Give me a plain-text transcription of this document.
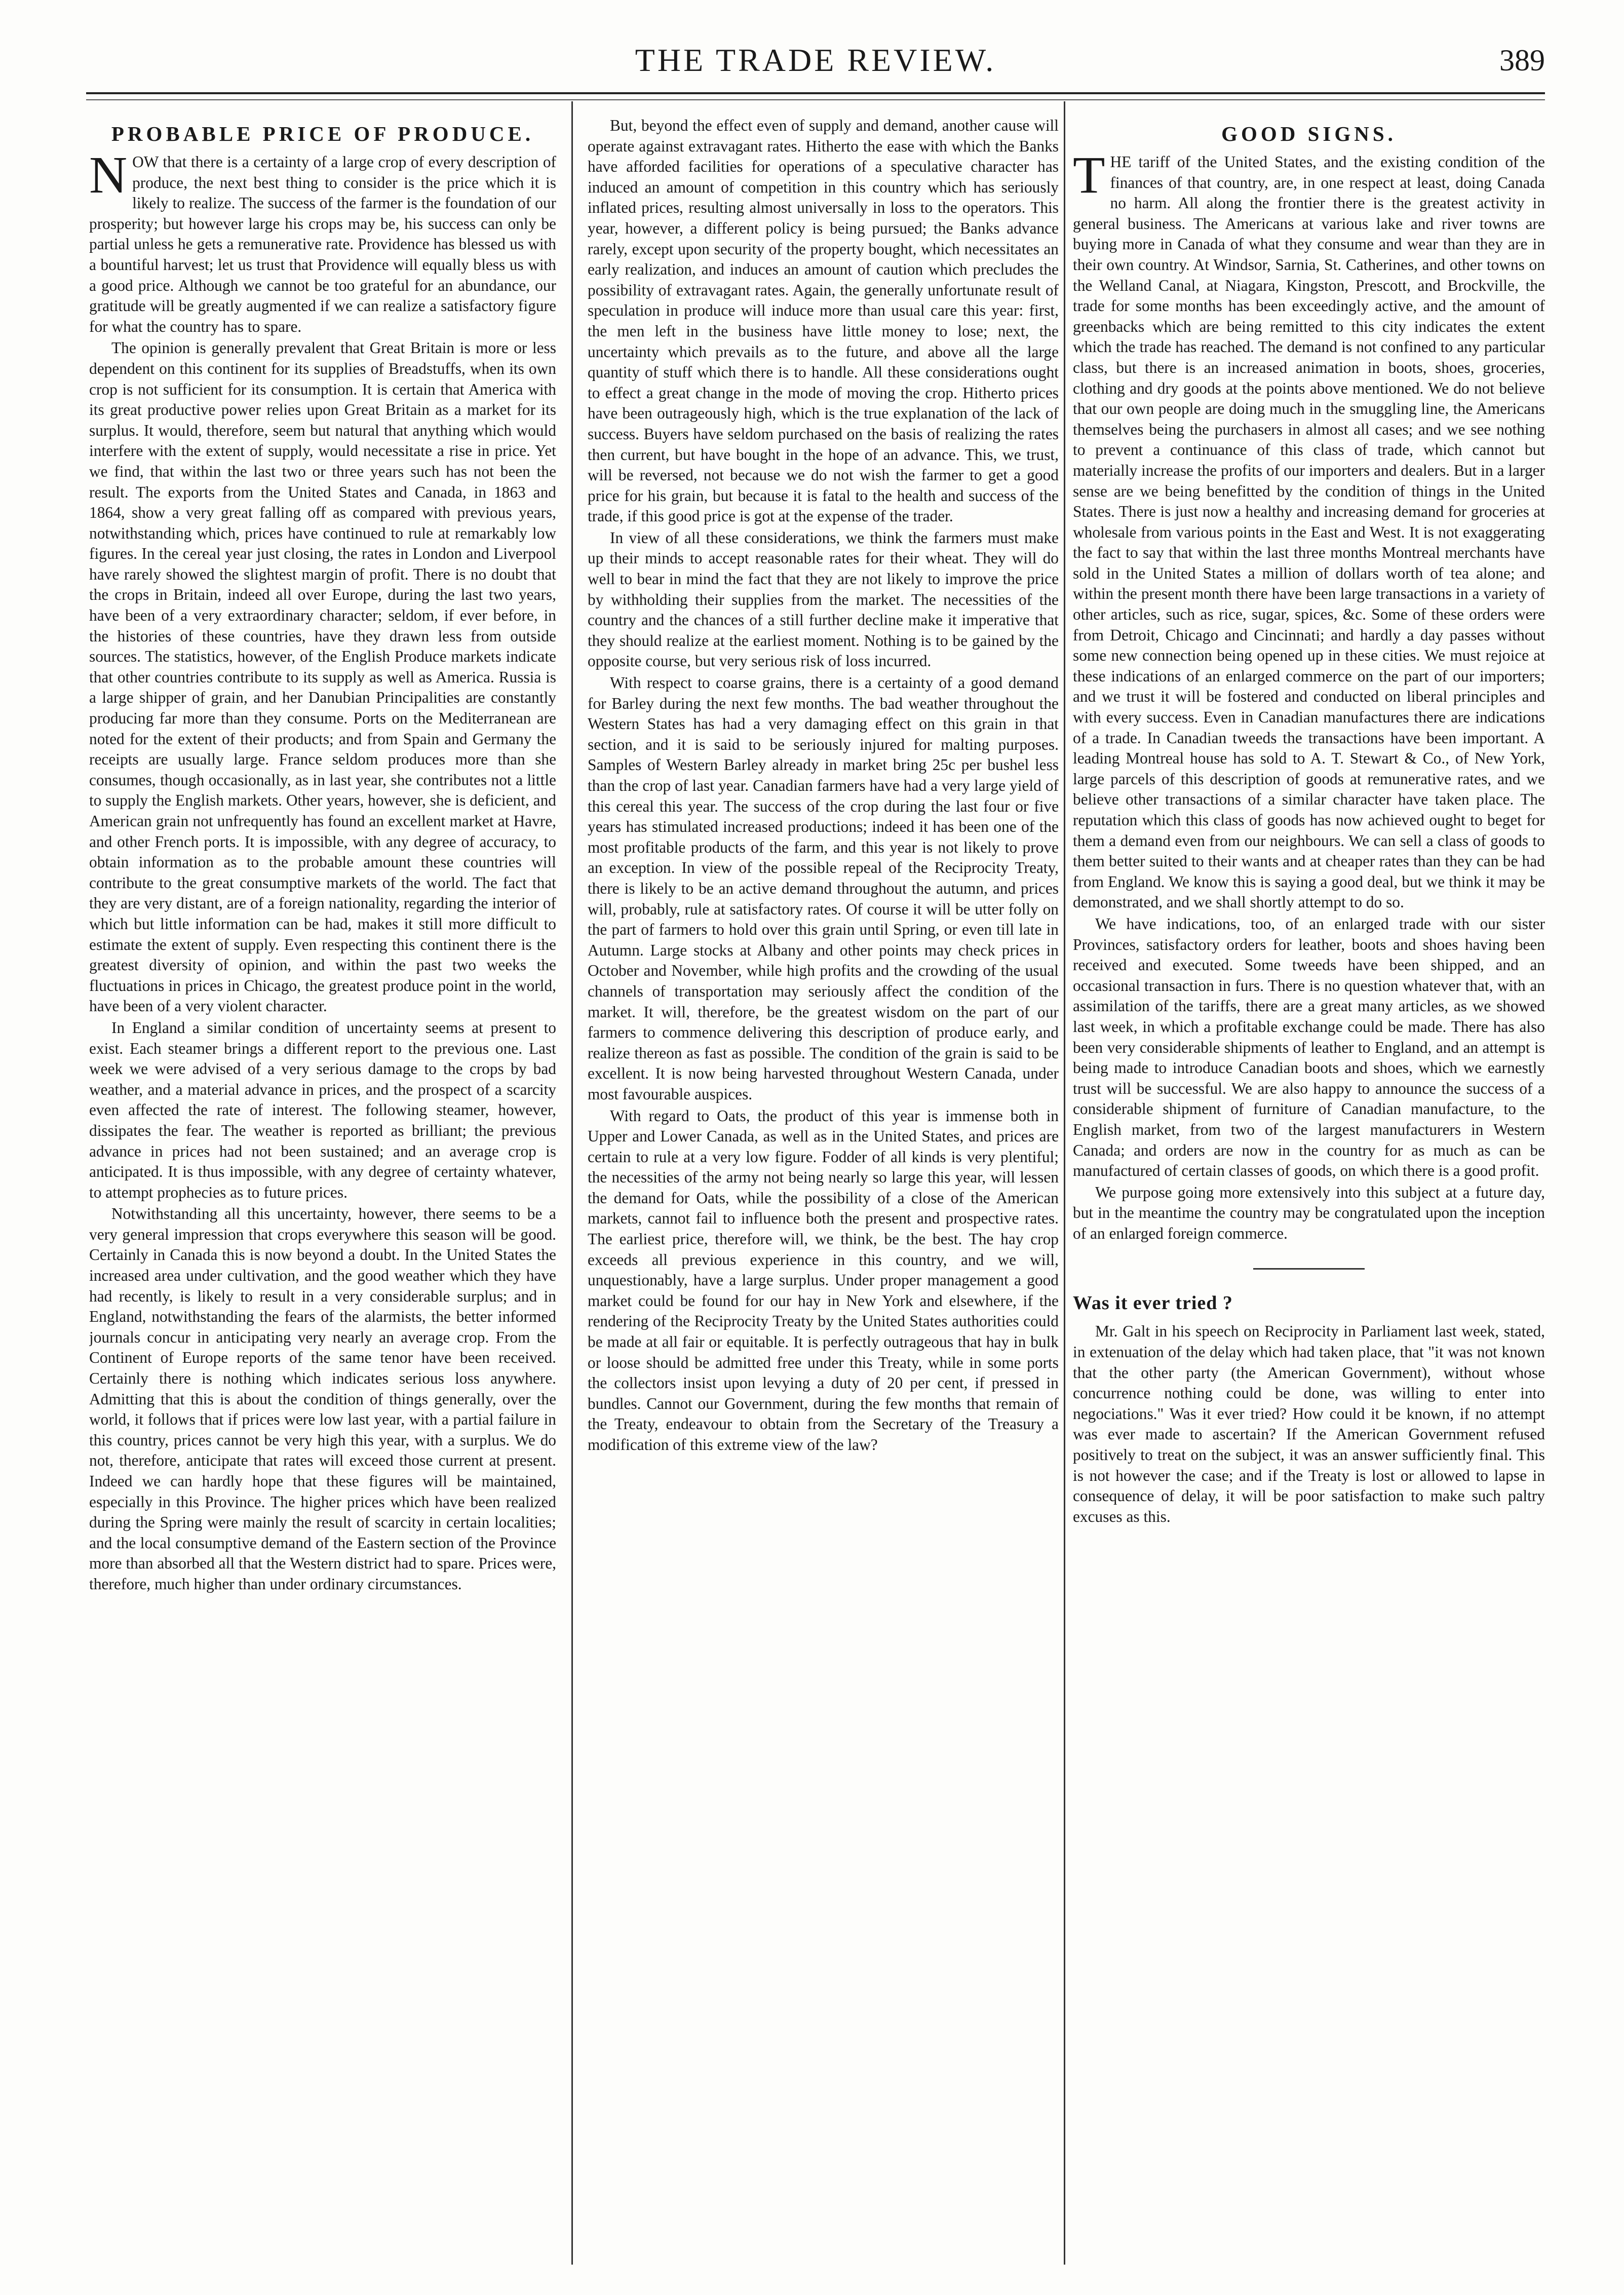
THE TRADE REVIEW.	389
PROBABLE PRICE OF PRODUCE.

NOW that there is a certainty of a large crop of every description of produce, the next best thing to consider is the price which it is likely to realize. The success of the farmer is the foundation of our prosperity; but however large his crops may be, his success can only be partial unless he gets a remunerative rate. Providence has blessed us with a bountiful harvest; let us trust that Providence will equally bless us with a good price. Although we cannot be too grateful for an abundance, our gratitude will be greatly augmented if we can realize a satisfactory figure for what the country has to spare.

The opinion is generally prevalent that Great Britain is more or less dependent on this continent for its supplies of Breadstuffs, when its own crop is not sufficient for its consumption. It is certain that America with its great productive power relies upon Great Britain as a market for its surplus. It would, therefore, seem but natural that anything which would interfere with the extent of supply, would necessitate a rise in price. Yet we find, that within the last two or three years such has not been the result. The exports from the United States and Canada, in 1863 and 1864, show a very great falling off as compared with previous years, notwithstanding which, prices have continued to rule at remarkably low figures. In the cereal year just closing, the rates in London and Liverpool have rarely showed the slightest margin of profit. There is no doubt that the crops in Britain, indeed all over Europe, during the last two years, have been of a very extraordinary character; seldom, if ever before, in the histories of these countries, have they drawn less from outside sources. The statistics, however, of the English Produce markets indicate that other countries contribute to its supply as well as America. Russia is a large shipper of grain, and her Danubian Principalities are constantly producing far more than they consume. Ports on the Mediterranean are noted for the extent of their products; and from Spain and Germany the receipts are usually large. France seldom produces more than she consumes, though occasionally, as in last year, she contributes not a little to supply the English markets. Other years, however, she is deficient, and American grain not unfrequently has found an excellent market at Havre, and other French ports. It is impossible, with any degree of accuracy, to obtain information as to the probable amount these countries will contribute to the great consumptive markets of the world. The fact that they are very distant, are of a foreign nationality, regarding the interior of which but little information can be had, makes it still more difficult to estimate the extent of supply. Even respecting this continent there is the greatest diversity of opinion, and within the past two weeks the fluctuations in prices in Chicago, the greatest produce point in the world, have been of a very violent character.

In England a similar condition of uncertainty seems at present to exist. Each steamer brings a different report to the previous one. Last week we were advised of a very serious damage to the crops by bad weather, and a material advance in prices, and the prospect of a scarcity even affected the rate of interest. The following steamer, however, dissipates the fear. The weather is reported as brilliant; the previous advance in prices had not been sustained; and an average crop is anticipated. It is thus impossible, with any degree of certainty whatever, to attempt prophecies as to future prices.

Notwithstanding all this uncertainty, however, there seems to be a very general impression that crops everywhere this season will be good. Certainly in Canada this is now beyond a doubt. In the United States the increased area under cultivation, and the good weather which they have had recently, is likely to result in a very considerable surplus; and in England, notwithstanding the fears of the alarmists, the better informed journals concur in anticipating very nearly an average crop. From the Continent of Europe reports of the same tenor have been received. Certainly there is nothing which indicates serious loss anywhere. Admitting that this is about the condition of things generally, over the world, it follows that if prices were low last year, with a partial failure in this country, prices cannot be very high this year, with a surplus. We do not, therefore, anticipate that rates will exceed those current at present. Indeed we can hardly hope that these figures will be maintained, especially in this Province. The higher prices which have been realized during the Spring were mainly the result of scarcity in certain localities; and the local consumptive demand of the Eastern section of the Province more than absorbed all that the Western district had to spare. Prices were, therefore, much higher than under ordinary circumstances.

But, beyond the effect even of supply and demand, another cause will operate against extravagant rates. Hitherto the ease with which the Banks have afforded facilities for operations of a speculative character has induced an amount of competition in this country which has seriously inflated prices, resulting almost universally in loss to the operators. This year, however, a different policy is being pursued; the Banks advance rarely, except upon security of the property bought, which necessitates an early realization, and induces an amount of caution which precludes the possibility of extravagant rates. Again, the generally unfortunate result of speculation in produce will induce more than usual care this year: first, the men left in the business have little money to lose; next, the uncertainty which prevails as to the future, and above all the large quantity of stuff which there is to handle. All these considerations ought to effect a great change in the mode of moving the crop. Hitherto prices have been outrageously high, which is the true explanation of the lack of success. Buyers have seldom purchased on the basis of realizing the rates then current, but have bought in the hope of an advance. This, we trust, will be reversed, not because we do not wish the farmer to get a good price for his grain, but because it is fatal to the health and success of the trade, if this good price is got at the expense of the trader.

In view of all these considerations, we think the farmers must make up their minds to accept reasonable rates for their wheat. They will do well to bear in mind the fact that they are not likely to improve the price by withholding their supplies from the market. The necessities of the country and the chances of a still further decline make it imperative that they should realize at the earliest moment. Nothing is to be gained by the opposite course, but very serious risk of loss incurred.

With respect to coarse grains, there is a certainty of a good demand for Barley during the next few months. The bad weather throughout the Western States has had a very damaging effect on this grain in that section, and it is said to be seriously injured for malting purposes. Samples of Western Barley already in market bring 25c per bushel less than the crop of last year. Canadian farmers have had a very large yield of this cereal this year. The success of the crop during the last four or five years has stimulated increased productions; indeed it has been one of the most profitable products of the farm, and this year is not likely to prove an exception. In view of the possible repeal of the Reciprocity Treaty, there is likely to be an active demand throughout the autumn, and prices will, probably, rule at satisfactory rates. Of course it will be utter folly on the part of farmers to hold over this grain until Spring, or even till late in Autumn. Large stocks at Albany and other points may check prices in October and November, while high profits and the crowding of the usual channels of transportation may seriously affect the condition of the market. It will, therefore, be the greatest wisdom on the part of our farmers to commence delivering this description of produce early, and realize thereon as fast as possible. The condition of the grain is said to be excellent. It is now being harvested throughout Western Canada, under most favourable auspices.

With regard to Oats, the product of this year is immense both in Upper and Lower Canada, as well as in the United States, and prices are certain to rule at a very low figure. Fodder of all kinds is very plentiful; the necessities of the army not being nearly so large this year, will lessen the demand for Oats, while the possibility of a close of the American markets, cannot fail to influence both the present and prospective rates. The earliest price, therefore will, we think, be the best. The hay crop exceeds all previous experience in this country, and we will, unquestionably, have a large surplus. Under proper management a good market could be found for our hay in New York and elsewhere, if the rendering of the Reciprocity Treaty by the United States authorities could be made at all fair or equitable. It is perfectly outrageous that hay in bulk or loose should be admitted free under this Treaty, while in some ports the collectors insist upon levying a duty of 20 per cent, if pressed in bundles. Cannot our Government, during the few months that remain of the Treaty, endeavour to obtain from the Secretary of the Treasury a modification of this extreme view of the law?

GOOD SIGNS.

THE tariff of the United States, and the existing condition of the finances of that country, are, in one respect at least, doing Canada no harm. All along the frontier there is the greatest activity in general business. The Americans at various lake and river towns are buying more in Canada of what they consume and wear than they are in their own country. At Windsor, Sarnia, St. Catherines, and other towns on the Welland Canal, at Niagara, Kingston, Prescott, and Brockville, the trade for some months has been exceedingly active, and the amount of greenbacks which are being remitted to this city indicates the extent which the trade has reached. The demand is not confined to any particular class, but there is an increased animation in boots, shoes, groceries, clothing and dry goods at the points above mentioned. We do not believe that our own people are doing much in the smuggling line, the Americans themselves being the purchasers in almost all cases; and we see nothing to prevent a continuance of this class of trade, which cannot but materially increase the profits of our importers and dealers. But in a larger sense are we being benefitted by the condition of things in the United States. There is just now a healthy and increasing demand for groceries at wholesale from various points in the East and West. It is not exaggerating the fact to say that within the last three months Montreal merchants have sold in the United States a million of dollars worth of tea alone; and within the present month there have been large transactions in a variety of other articles, such as rice, sugar, spices, &c. Some of these orders were from Detroit, Chicago and Cincinnati; and hardly a day passes without some new connection being opened up in these cities. We must rejoice at these indications of an enlarged commerce on the part of our importers; and we trust it will be fostered and conducted on liberal principles and with every success. Even in Canadian manufactures there are indications of a trade. In Canadian tweeds the transactions have been important. A leading Montreal house has sold to A. T. Stewart & Co., of New York, large parcels of this description of goods at remunerative rates, and we believe other transactions of a similar character have taken place. The reputation which this class of goods has now achieved ought to beget for them a demand even from our neighbours. We can sell a class of goods to them better suited to their wants and at cheaper rates than they can be had from England. We know this is saying a good deal, but we think it may be demonstrated, and we shall shortly attempt to do so.

We have indications, too, of an enlarged trade with our sister Provinces, satisfactory orders for leather, boots and shoes having been received and executed. Some tweeds have been shipped, and an occasional transaction in furs. There is no question whatever that, with an assimilation of the tariffs, there are a great many articles, as we showed last week, in which a profitable exchange could be made. There has also been very considerable shipments of leather to England, and an attempt is being made to introduce Canadian boots and shoes, which we earnestly trust will be successful. We are also happy to announce the success of a considerable shipment of furniture of Canadian manufacture, to the English market, from two of the largest manufacturers in Western Canada; and orders are now in the country for as much as can be manufactured of certain classes of goods, on which there is a good profit.

We purpose going more extensively into this subject at a future day, but in the meantime the country may be congratulated upon the inception of an enlarged foreign commerce.

Was it ever tried ?

Mr. Galt in his speech on Reciprocity in Parliament last week, stated, in extenuation of the delay which had taken place, that "it was not known that the other party (the American Government), without whose concurrence nothing could be done, was willing to enter into negociations." Was it ever tried? How could it be known, if no attempt was ever made to ascertain? If the American Government refused positively to treat on the subject, it was an answer sufficiently final. This is not however the case; and if the Treaty is lost or allowed to lapse in consequence of delay, it will be poor satisfaction to make such paltry excuses as this.
